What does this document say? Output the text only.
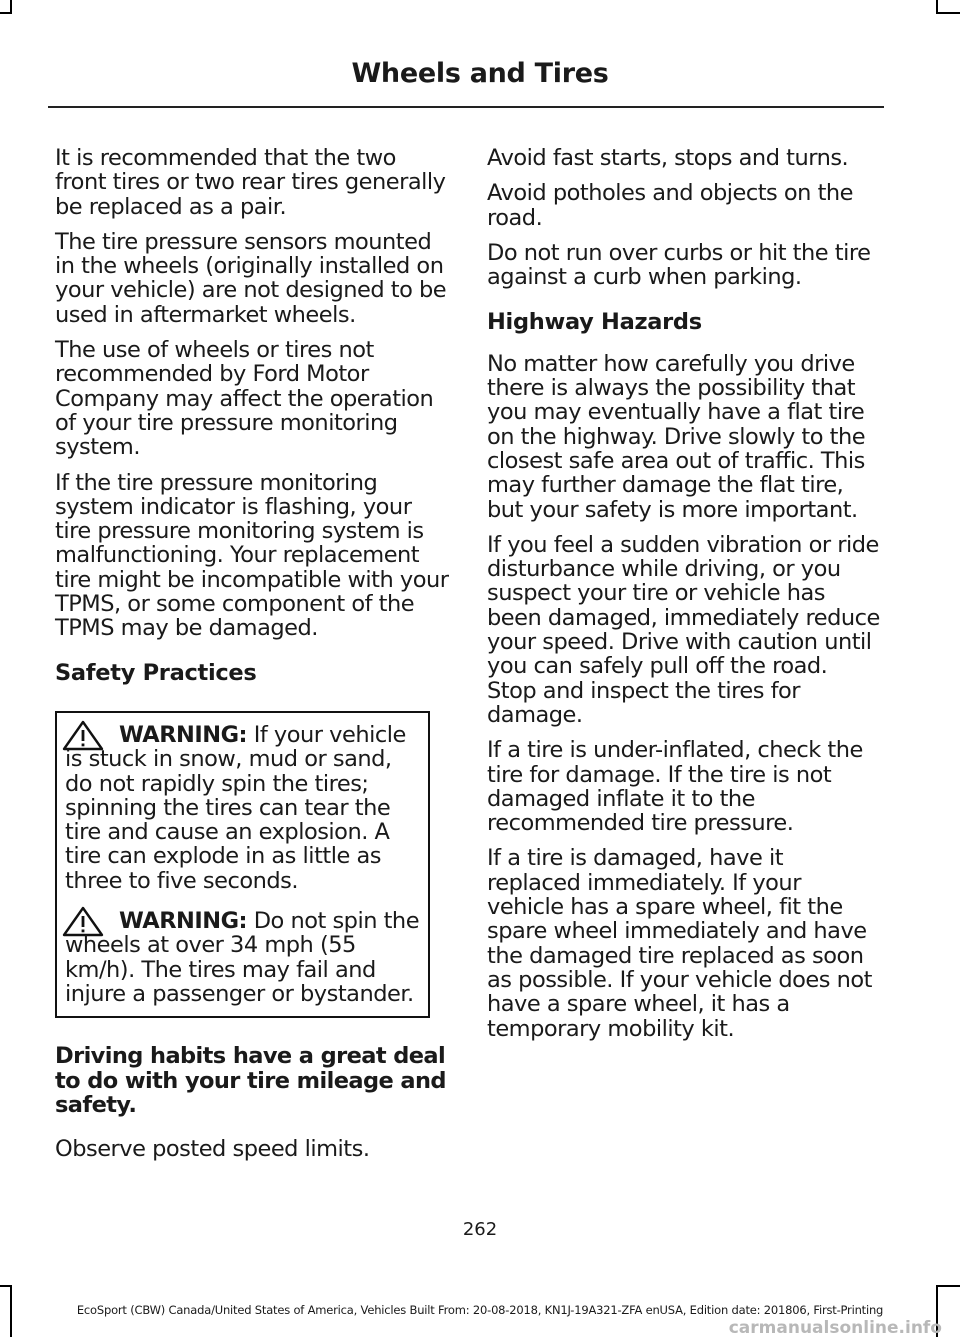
Wheels and Tires

It is recommended that the two front tires or two rear tires generally be replaced as a pair.

The tire pressure sensors mounted in the wheels (originally installed on your vehicle) are not designed to be used in aftermarket wheels.

The use of wheels or tires not recommended by Ford Motor Company may affect the operation of your tire pressure monitoring system.

If the tire pressure monitoring system indicator is flashing, your tire pressure monitoring system is malfunctioning. Your replacement tire might be incompatible with your TPMS, or some component of the TPMS may be damaged.

Safety Practices

WARNING: If your vehicle is stuck in snow, mud or sand, do not rapidly spin the tires; spinning the tires can tear the tire and cause an explosion. A tire can explode in as little as three to five seconds.

WARNING: Do not spin the wheels at over 34 mph (55 km/h). The tires may fail and injure a passenger or bystander.

Driving habits have a great deal to do with your tire mileage and safety.

Observe posted speed limits.

Avoid fast starts, stops and turns.

Avoid potholes and objects on the road.

Do not run over curbs or hit the tire against a curb when parking.

Highway Hazards

No matter how carefully you drive there is always the possibility that you may eventually have a flat tire on the highway. Drive slowly to the closest safe area out of traffic. This may further damage the flat tire, but your safety is more important.

If you feel a sudden vibration or ride disturbance while driving, or you suspect your tire or vehicle has been damaged, immediately reduce your speed. Drive with caution until you can safely pull off the road. Stop and inspect the tires for damage.

If a tire is under-inflated, check the tire for damage. If the tire is not damaged inflate it to the recommended tire pressure.

If a tire is damaged, have it replaced immediately. If your vehicle has a spare wheel, fit the spare wheel immediately and have the damaged tire replaced as soon as possible. If your vehicle does not have a spare wheel, it has a temporary mobility kit.

262
EcoSport (CBW) Canada/United States of America, Vehicles Built From: 20-08-2018, KN1J-19A321-ZFA enUSA, Edition date: 201806, First-Printing
carmanualsonline.info
